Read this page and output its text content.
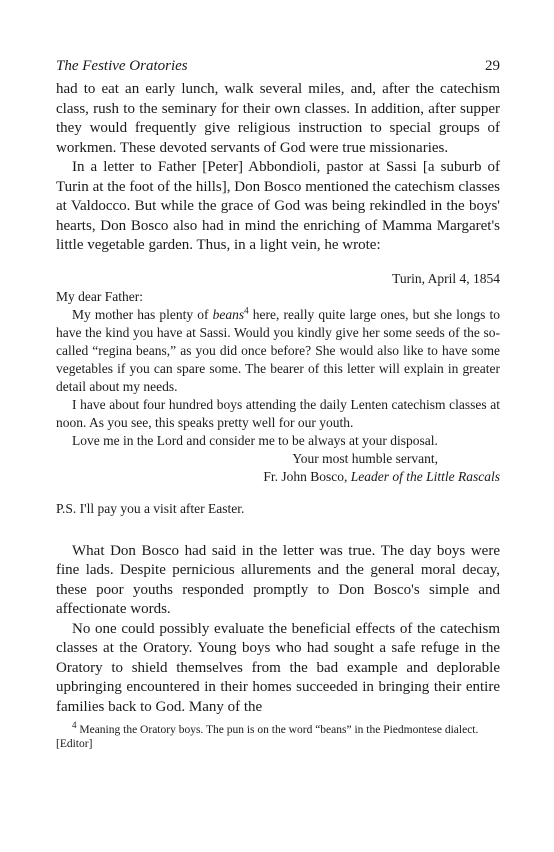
The Festive Oratories	29

had to eat an early lunch, walk several miles, and, after the catechism class, rush to the seminary for their own classes. In addition, after supper they would frequently give religious instruction to special groups of workmen. These devoted servants of God were true missionaries.

In a letter to Father [Peter] Abbondioli, pastor at Sassi [a suburb of Turin at the foot of the hills], Don Bosco mentioned the catechism classes at Valdocco. But while the grace of God was being rekindled in the boys' hearts, Don Bosco also had in mind the enriching of Mamma Margaret's little vegetable garden. Thus, in a light vein, he wrote:

Turin, April 4, 1854

My dear Father:

My mother has plenty of beans$^4$ here, really quite large ones, but she longs to have the kind you have at Sassi. Would you kindly give her some seeds of the so-called “regina beans,” as you did once before? She would also like to have some vegetables if you can spare some. The bearer of this letter will explain in greater detail about my needs.

I have about four hundred boys attending the daily Lenten catechism classes at noon. As you see, this speaks pretty well for our youth.

Love me in the Lord and consider me to be always at your disposal.

Your most humble servant,

Fr. John Bosco, Leader of the Little Rascals

P.S. I'll pay you a visit after Easter.

What Don Bosco had said in the letter was true. The day boys were fine lads. Despite pernicious allurements and the general moral decay, these poor youths responded promptly to Don Bosco's simple and affectionate words.

No one could possibly evaluate the beneficial effects of the catechism classes at the Oratory. Young boys who had sought a safe refuge in the Oratory to shield themselves from the bad example and deplorable upbringing encountered in their homes succeeded in bringing their entire families back to God. Many of the

$^4$ Meaning the Oratory boys. The pun is on the word “beans” in the Piedmontese dialect. [Editor]
